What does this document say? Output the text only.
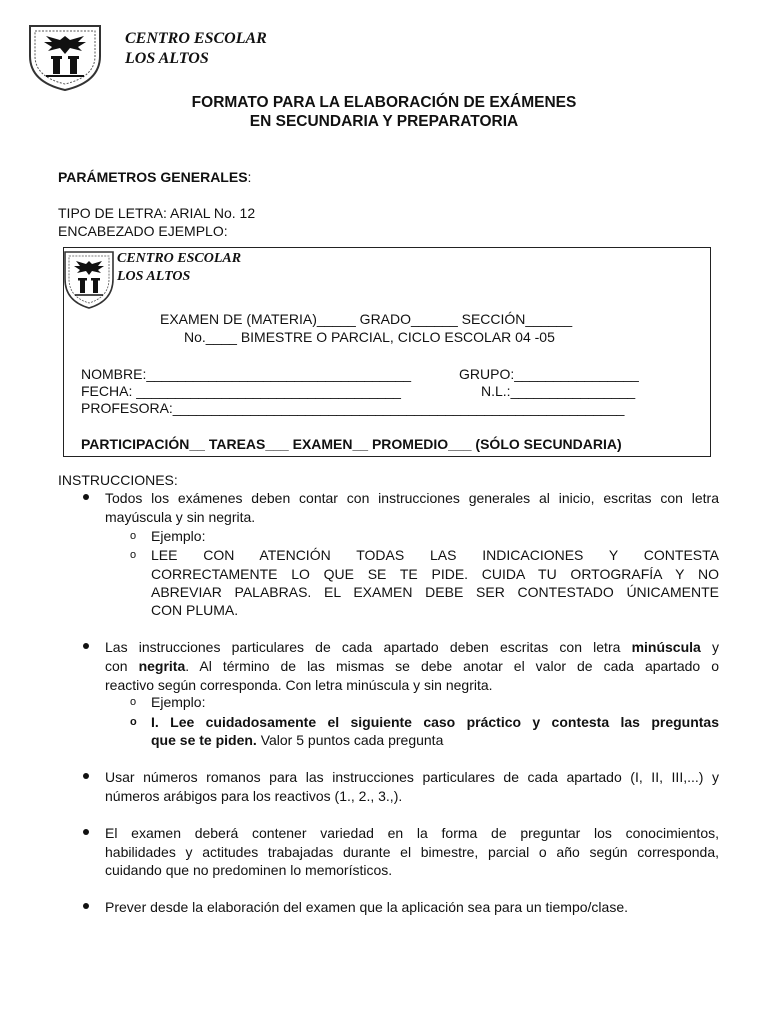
CENTRO ESCOLAR
LOS ALTOS
FORMATO PARA LA ELABORACIÓN DE EXÁMENES
EN SECUNDARIA Y PREPARATORIA
PARÁMETROS GENERALES:
TIPO DE LETRA: ARIAL No. 12
ENCABEZADO EJEMPLO:
CENTRO ESCOLAR
LOS ALTOS
EXAMEN DE (MATERIA)_____ GRADO______ SECCIÓN______
No.____ BIMESTRE O PARCIAL, CICLO ESCOLAR 04 -05
NOMBRE:__________________________________	GRUPO:________________
FECHA: __________________________________	N.L.:________________
PROFESORA:__________________________________________________________
PARTICIPACIÓN__ TAREAS___ EXAMEN__ PROMEDIO___ (SÓLO SECUNDARIA)
INSTRUCCIONES:
Todos los exámenes deben contar con instrucciones generales al inicio, escritas con letra
mayúscula y sin negrita.
o Ejemplo:
o LEE CON ATENCIÓN TODAS LAS INDICACIONES Y CONTESTA
CORRECTAMENTE LO QUE SE TE PIDE. CUIDA TU ORTOGRAFÍA Y NO
ABREVIAR PALABRAS. EL EXAMEN DEBE SER CONTESTADO ÚNICAMENTE
CON PLUMA.
Las instrucciones particulares de cada apartado deben escritas con letra minúscula y
con negrita. Al término de las mismas se debe anotar el valor de cada apartado o
reactivo según corresponda. Con letra minúscula y sin negrita.
o Ejemplo:
o I. Lee cuidadosamente el siguiente caso práctico y contesta las preguntas
que se te piden. Valor 5 puntos cada pregunta
Usar números romanos para las instrucciones particulares de cada apartado (I, II, III,...) y
números arábigos para los reactivos (1., 2., 3.,).
El examen deberá contener variedad en la forma de preguntar los conocimientos,
habilidades y actitudes trabajadas durante el bimestre, parcial o año según corresponda,
cuidando que no predominen lo memorísticos.
Prever desde la elaboración del examen que la aplicación sea para un tiempo/clase.
